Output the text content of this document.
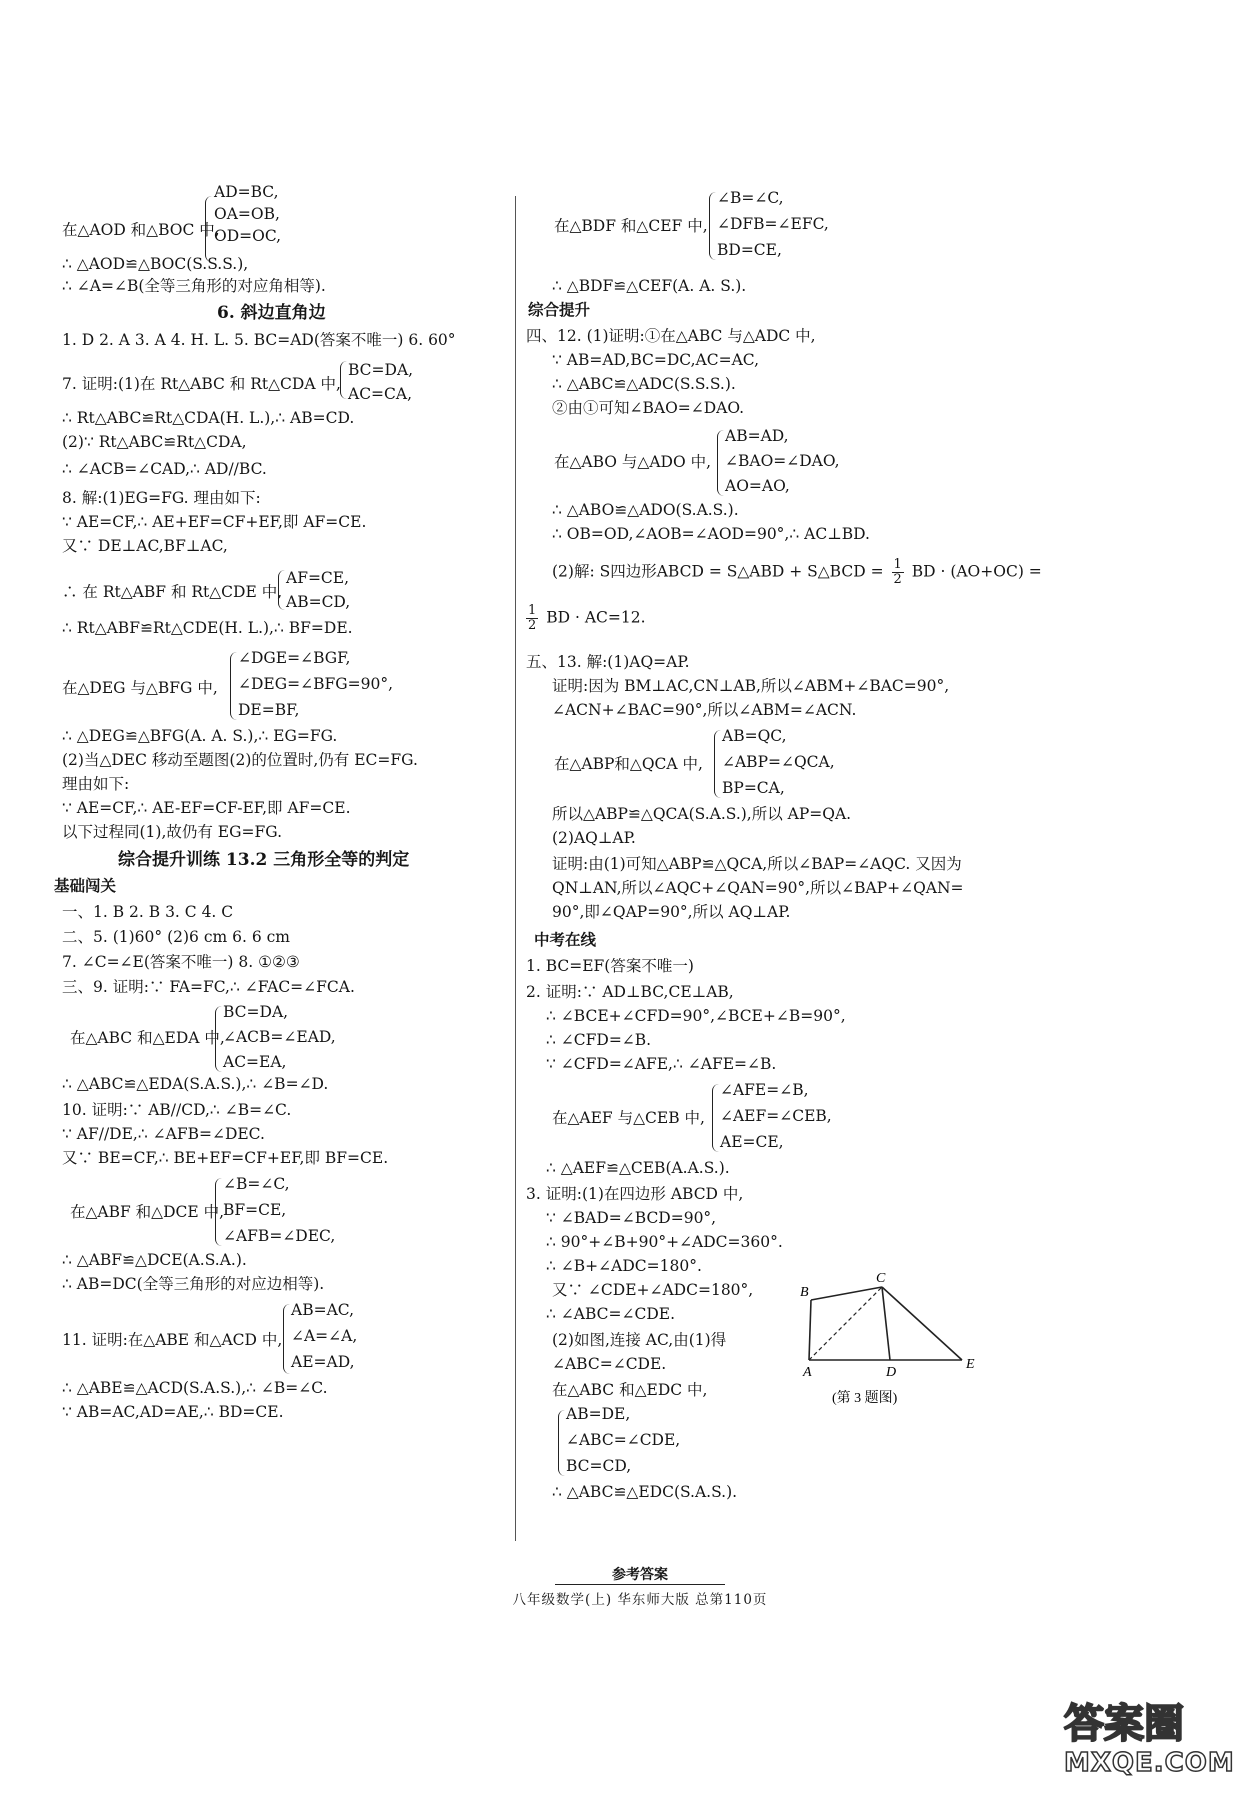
在△AOD 和△BOC 中,
AD=BC,
OA=OB,
OD=OC,
∴ △AOD≌△BOC(S.S.S.),
∴ ∠A=∠B(全等三角形的对应角相等).
6. 斜边直角边
1. D 2. A 3. A 4. H. L. 5. BC=AD(答案不唯一) 6. 60°
7. 证明:(1)在 Rt△ABC 和 Rt△CDA 中,
BC=DA,
AC=CA,
∴ Rt△ABC≌Rt△CDA(H. L.),∴ AB=CD.
(2)∵ Rt△ABC≌Rt△CDA,
∴ ∠ACB=∠CAD,∴ AD//BC.
8. 解:(1)EG=FG. 理由如下:
∵ AE=CF,∴ AE+EF=CF+EF,即 AF=CE.
又∵ DE⊥AC,BF⊥AC,
∴ 在 Rt△ABF 和 Rt△CDE 中,
AF=CE,
AB=CD,
∴ Rt△ABF≌Rt△CDE(H. L.),∴ BF=DE.
在△DEG 与△BFG 中,
∠DGE=∠BGF,
∠DEG=∠BFG=90°,
DE=BF,
∴ △DEG≌△BFG(A. A. S.),∴ EG=FG.
(2)当△DEC 移动至题图(2)的位置时,仍有 EC=FG.
理由如下:
∵ AE=CF,∴ AE-EF=CF-EF,即 AF=CE.
以下过程同(1),故仍有 EG=FG.
综合提升训练 13.2 三角形全等的判定
基础闯关
一、1. B 2. B 3. C 4. C
二、5. (1)60° (2)6 cm 6. 6 cm
7. ∠C=∠E(答案不唯一) 8. ①②③
三、9. 证明:∵ FA=FC,∴ ∠FAC=∠FCA.
在△ABC 和△EDA 中,
BC=DA,
∠ACB=∠EAD,
AC=EA,
∴ △ABC≌△EDA(S.A.S.),∴ ∠B=∠D.
10. 证明:∵ AB//CD,∴ ∠B=∠C.
∵ AF//DE,∴ ∠AFB=∠DEC.
又∵ BE=CF,∴ BE+EF=CF+EF,即 BF=CE.
在△ABF 和△DCE 中,
∠B=∠C,
BF=CE,
∠AFB=∠DEC,
∴ △ABF≌△DCE(A.S.A.).
∴ AB=DC(全等三角形的对应边相等).
11. 证明:在△ABE 和△ACD 中,
AB=AC,
∠A=∠A,
AE=AD,
∴ △ABE≌△ACD(S.A.S.),∴ ∠B=∠C.
∵ AB=AC,AD=AE,∴ BD=CE.
在△BDF 和△CEF 中,
∠B=∠C,
∠DFB=∠EFC,
BD=CE,
∴ △BDF≌△CEF(A. A. S.).
综合提升
四、12. (1)证明:①在△ABC 与△ADC 中,
∵ AB=AD,BC=DC,AC=AC,
∴ △ABC≌△ADC(S.S.S.).
②由①可知∠BAO=∠DAO.
在△ABO 与△ADO 中,
AB=AD,
∠BAO=∠DAO,
AO=AO,
∴ △ABO≌△ADO(S.A.S.).
∴ OB=OD,∠AOB=∠AOD=90°,∴ AC⊥BD.
(2)解: S四边形ABCD = S△ABD + S△BCD = $\frac{1}{2}$ BD · (AO+OC) =
$\frac{1}{2}$ BD · AC=12.
五、13. 解:(1)AQ=AP.
证明:因为 BM⊥AC,CN⊥AB,所以∠ABM+∠BAC=90°,
∠ACN+∠BAC=90°,所以∠ABM=∠ACN.
在△ABP和△QCA 中,
AB=QC,
∠ABP=∠QCA,
BP=CA,
所以△ABP≌△QCA(S.A.S.),所以 AP=QA.
(2)AQ⊥AP.
证明:由(1)可知△ABP≌△QCA,所以∠BAP=∠AQC. 又因为
QN⊥AN,所以∠AQC+∠QAN=90°,所以∠BAP+∠QAN=
90°,即∠QAP=90°,所以 AQ⊥AP.
中考在线
1. BC=EF(答案不唯一)
2. 证明:∵ AD⊥BC,CE⊥AB,
∴ ∠BCE+∠CFD=90°,∠BCE+∠B=90°,
∴ ∠CFD=∠B.
∵ ∠CFD=∠AFE,∴ ∠AFE=∠B.
在△AEF 与△CEB 中,
∠AFE=∠B,
∠AEF=∠CEB,
AE=CE,
∴ △AEF≌△CEB(A.A.S.).
3. 证明:(1)在四边形 ABCD 中,
∵ ∠BAD=∠BCD=90°,
∴ 90°+∠B+90°+∠ADC=360°.
∴ ∠B+∠ADC=180°.
又∵ ∠CDE+∠ADC=180°,
∴ ∠ABC=∠CDE.
(2)如图,连接 AC,由(1)得
∠ABC=∠CDE.
在△ABC 和△EDC 中,
AB=DE,
∠ABC=∠CDE,
BC=CD,
∴ △ABC≌△EDC(S.A.S.).
B
C
A	D
E
(第 3 题图)
参考答案
八年级数学(上) 华东师大版 总第110页
答案圈
MXQE.COM
